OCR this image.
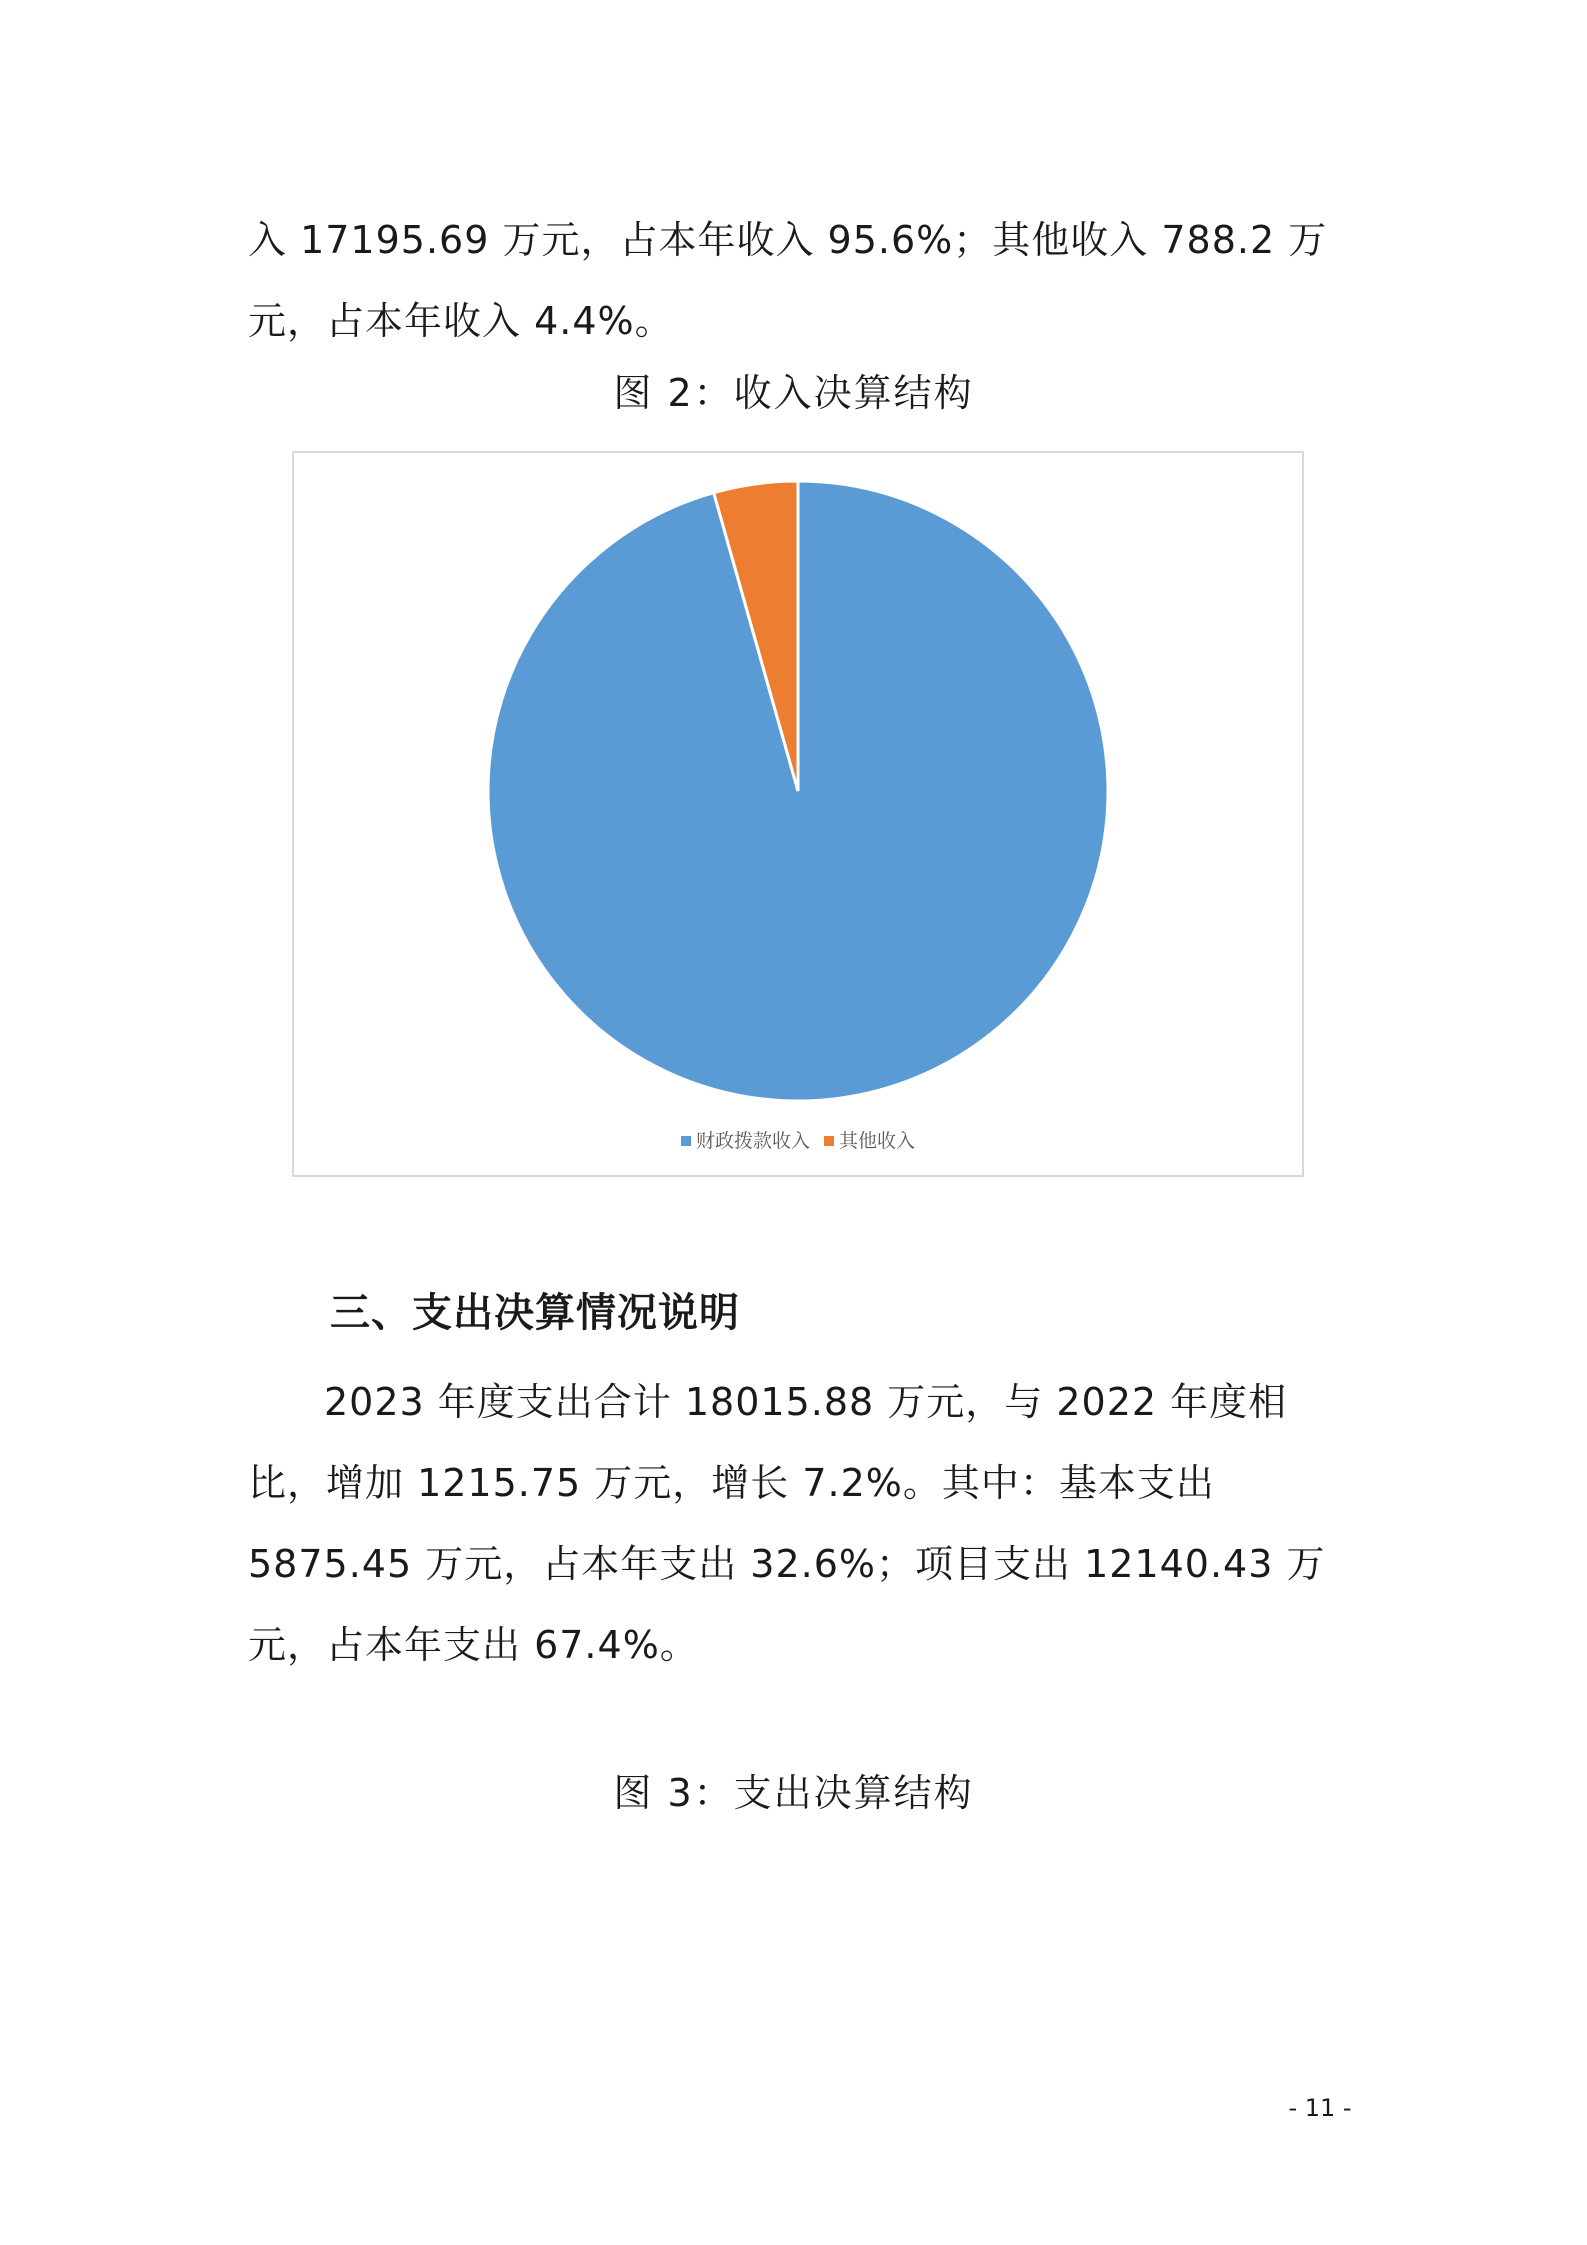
入 17195.69 万元，占本年收入 95.6%；其他收入 788.2 万元，占本年收入 4.4%。

图 2：收入决算结构
财政拨款收入 其他收入
三、支出决算情况说明

2023 年度支出合计 18015.88 万元，与 2022 年度相比，增加 1215.75 万元，增长 7.2%。其中：基本支出 5875.45 万元，占本年支出 32.6%；项目支出 12140.43 万元，占本年支出 67.4%。

图 3：支出决算结构
- 11 -
